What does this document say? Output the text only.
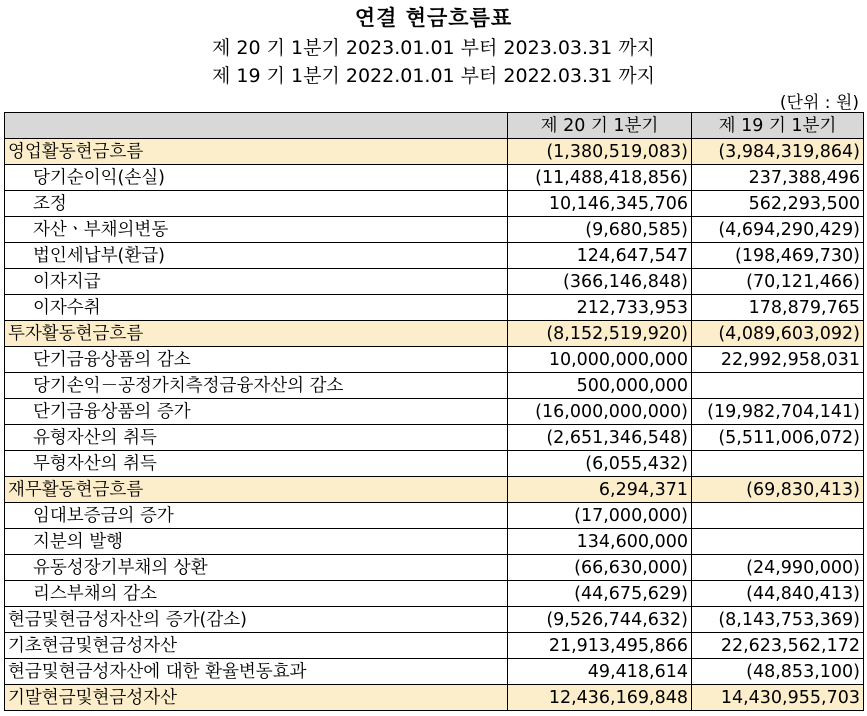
연결 현금흐름표
제 20 기 1분기 2023.01.01 부터 2023.03.31 까지
제 19 기 1분기 2022.01.01 부터 2022.03.31 까지
(단위 : 원)
	제 20 기 1분기	제 19 기 1분기
영업활동현금흐름	(1,380,519,083)	(3,984,319,864)
당기순이익(손실)	(11,488,418,856)	237,388,496
조정	10,146,345,706	562,293,500
자산ㆍ부채의변동	(9,680,585)	(4,694,290,429)
법인세납부(환급)	124,647,547	(198,469,730)
이자지급	(366,146,848)	(70,121,466)
이자수취	212,733,953	178,879,765
투자활동현금흐름	(8,152,519,920)	(4,089,603,092)
단기금융상품의 감소	10,000,000,000	22,992,958,031
당기손익－공정가치측정금융자산의 감소	500,000,000	
단기금융상품의 증가	(16,000,000,000)	(19,982,704,141)
유형자산의 취득	(2,651,346,548)	(5,511,006,072)
무형자산의 취득	(6,055,432)	
재무활동현금흐름	6,294,371	(69,830,413)
임대보증금의 증가	(17,000,000)	
지분의 발행	134,600,000	
유동성장기부채의 상환	(66,630,000)	(24,990,000)
리스부채의 감소	(44,675,629)	(44,840,413)
현금및현금성자산의 증가(감소)	(9,526,744,632)	(8,143,753,369)
기초현금및현금성자산	21,913,495,866	22,623,562,172
현금및현금성자산에 대한 환율변동효과	49,418,614	(48,853,100)
기말현금및현금성자산	12,436,169,848	14,430,955,703
